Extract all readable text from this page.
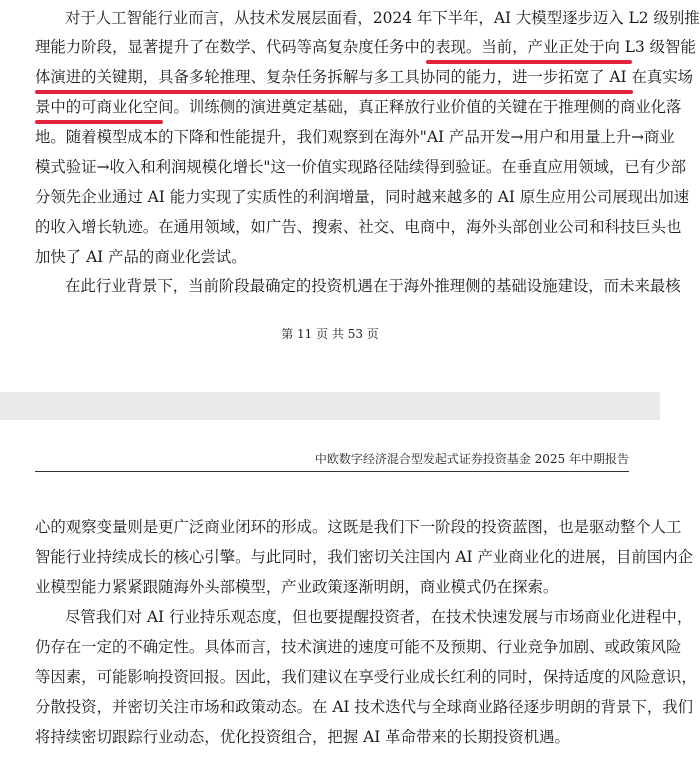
对于人工智能行业而言，从技术发展层面看，2024 年下半年，AI 大模型逐步迈入 L2 级别推
理能力阶段，显著提升了在数学、代码等高复杂度任务中的表现。当前，产业正处于向 L3 级智能
体演进的关键期，具备多轮推理、复杂任务拆解与多工具协同的能力，进一步拓宽了 AI 在真实场
景中的可商业化空间。训练侧的演进奠定基础，真正释放行业价值的关键在于推理侧的商业化落
地。随着模型成本的下降和性能提升，我们观察到在海外"AI 产品开发→用户和用量上升→商业
模式验证→收入和利润规模化增长"这一价值实现路径陆续得到验证。在垂直应用领域，已有少部
分领先企业通过 AI 能力实现了实质性的利润增量，同时越来越多的 AI 原生应用公司展现出加速
的收入增长轨迹。在通用领域，如广告、搜索、社交、电商中，海外头部创业公司和科技巨头也
加快了 AI 产品的商业化尝试。
在此行业背景下，当前阶段最确定的投资机遇在于海外推理侧的基础设施建设，而未来最核
第 11 页 共 53 页
中欧数字经济混合型发起式证券投资基金 2025 年中期报告
心的观察变量则是更广泛商业闭环的形成。这既是我们下一阶段的投资蓝图，也是驱动整个人工
智能行业持续成长的核心引擎。与此同时，我们密切关注国内 AI 产业商业化的进展，目前国内企
业模型能力紧紧跟随海外头部模型，产业政策逐渐明朗，商业模式仍在探索。
尽管我们对 AI 行业持乐观态度，但也要提醒投资者，在技术快速发展与市场商业化进程中，
仍存在一定的不确定性。具体而言，技术演进的速度可能不及预期、行业竞争加剧、或政策风险
等因素，可能影响投资回报。因此，我们建议在享受行业成长红利的同时，保持适度的风险意识，
分散投资，并密切关注市场和政策动态。在 AI 技术迭代与全球商业路径逐步明朗的背景下，我们
将持续密切跟踪行业动态，优化投资组合，把握 AI 革命带来的长期投资机遇。
